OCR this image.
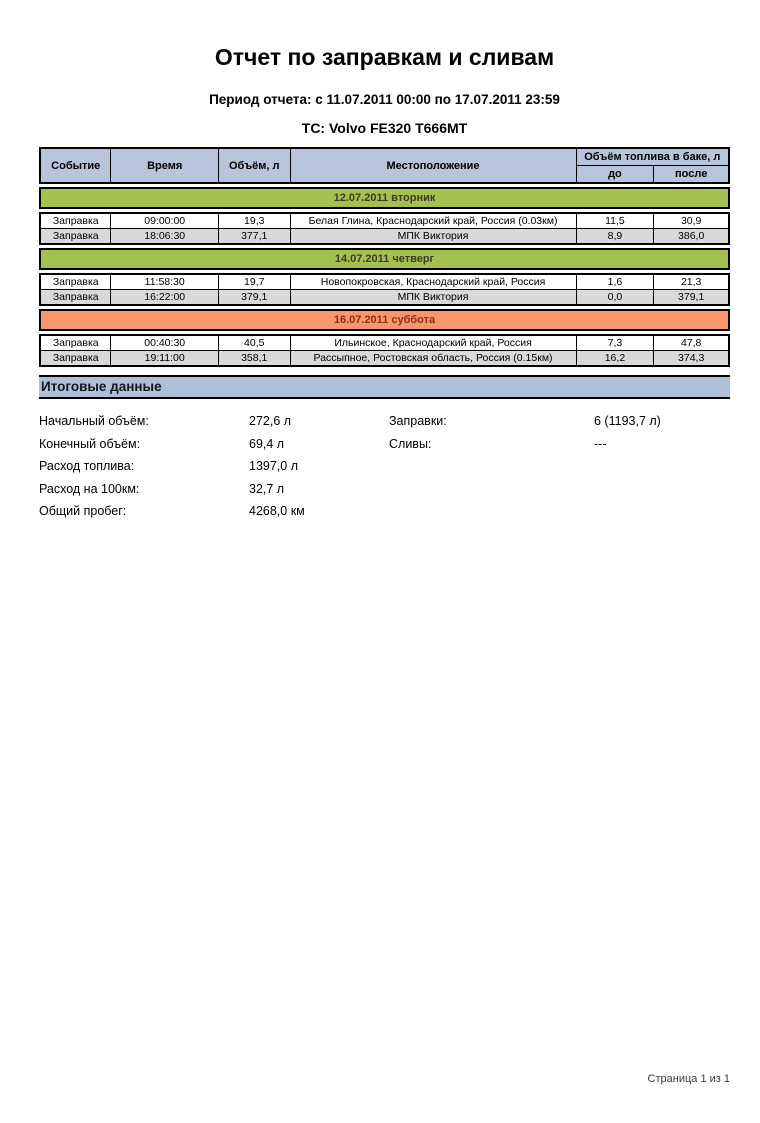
Отчет по заправкам и сливам
Период отчета: с 11.07.2011 00:00 по 17.07.2011 23:59
ТС: Volvo FE320 T666MT
Событие	Время	Объём, л	Местоположение	Объём топлива в баке, л	
				до	после
12.07.2011 вторник
Заправка	09:00:00	19,3	Белая Глина, Краснодарский край, Россия (0.03км)	11,5	30,9
Заправка	18:06:30	377,1	МПК Виктория	8,9	386,0
14.07.2011 четверг
Заправка	11:58:30	19,7	Новопокровская, Краснодарский край, Россия	1,6	21,3
Заправка	16:22:00	379,1	МПК Виктория	0,0	379,1
16.07.2011 суббота
Заправка	00:40:30	40,5	Ильинское, Краснодарский край, Россия	7,3	47,8
Заправка	19:11:00	358,1	Рассыпное, Ростовская область, Россия (0.15км)	16,2	374,3
Итоговые данные
Начальный объём:	272,6 л	Заправки:	6 (1193,7 л)
Конечный объём:	69,4 л	Сливы:	---
Расход топлива:	1397,0 л
Расход на 100км:	32,7 л
Общий пробег:	4268,0 км
Страница 1 из 1
